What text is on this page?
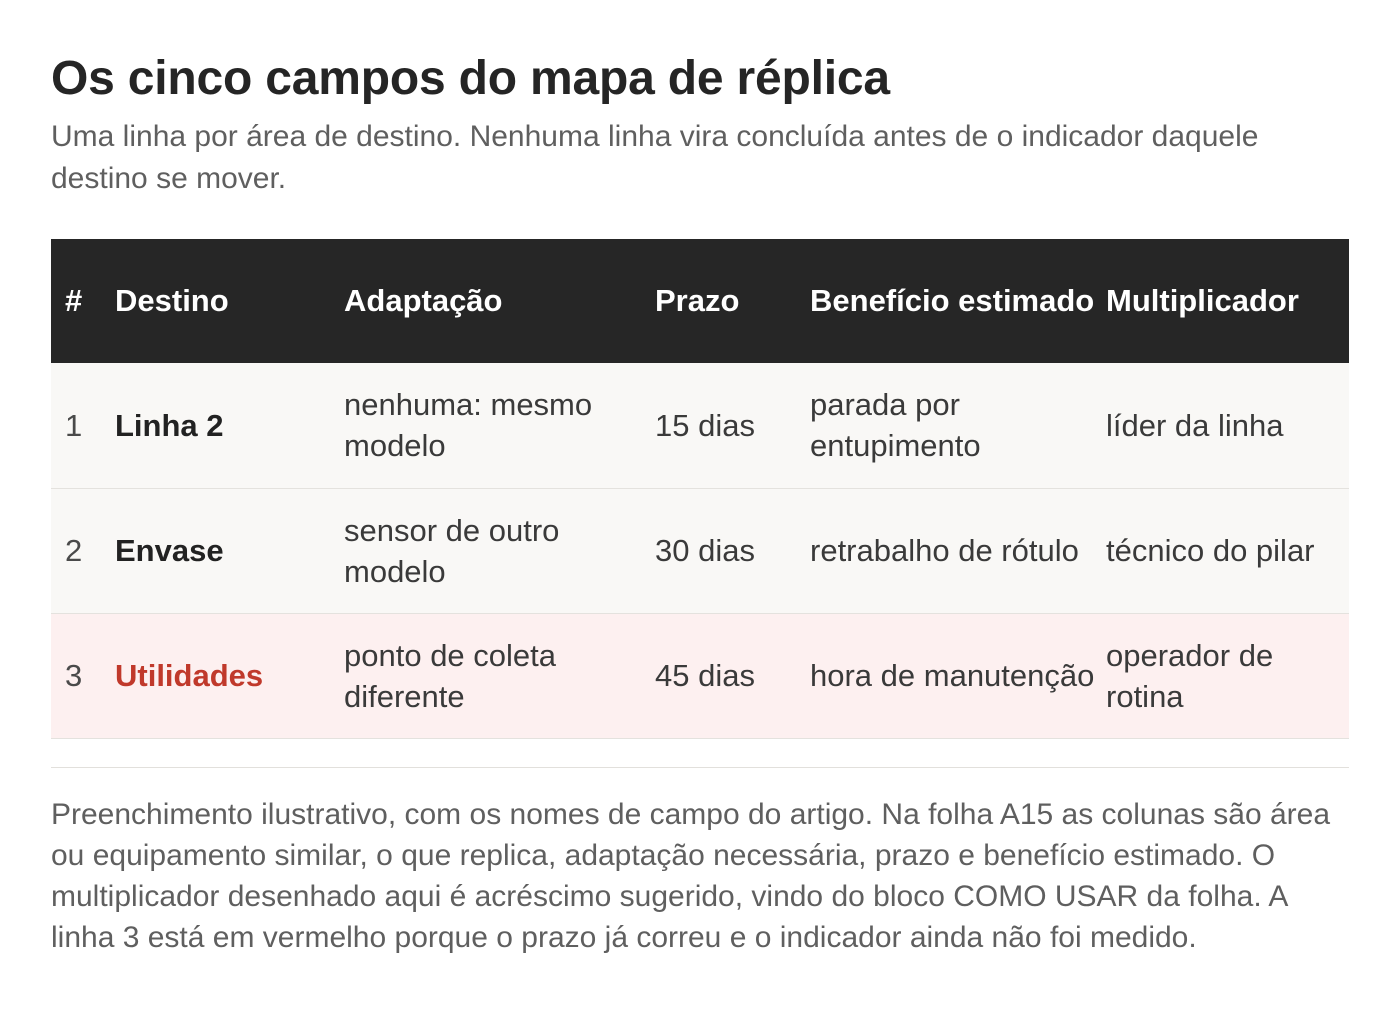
Os cinco campos do mapa de réplica

Uma linha por área de destino. Nenhuma linha vira concluída antes de o indicador daquele destino se mover.

#	Destino	Adaptação	Prazo	Benefício estimado	Multiplicador
1	Linha 2	nenhuma: mesmo modelo	15 dias	parada por entupimento	líder da linha
2	Envase	sensor de outro modelo	30 dias	retrabalho de rótulo	técnico do pilar
3	Utilidades	ponto de coleta diferente	45 dias	hora de manutenção	operador de rotina

Preenchimento ilustrativo, com os nomes de campo do artigo. Na folha A15 as colunas são área ou equipamento similar, o que replica, adaptação necessária, prazo e benefício estimado. O multiplicador desenhado aqui é acréscimo sugerido, vindo do bloco COMO USAR da folha. A linha 3 está em vermelho porque o prazo já correu e o indicador ainda não foi medido.
